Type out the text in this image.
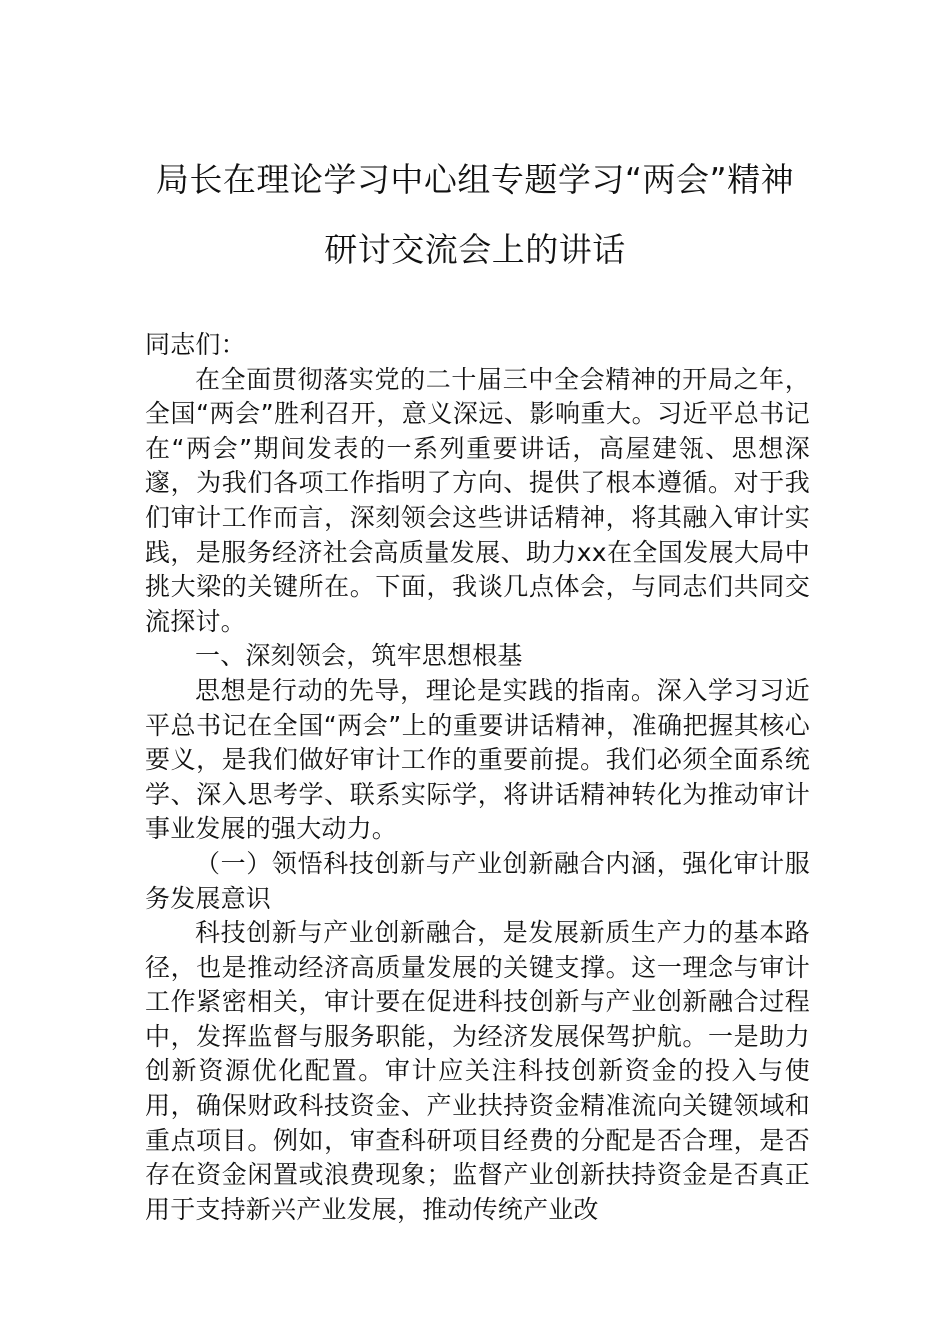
局长在理论学习中心组专题学习“两会”精神
研讨交流会上的讲话

同志们：

在全面贯彻落实党的二十届三中全会精神的开局之年，全国“两会”胜利召开，意义深远、影响重大。习近平总书记在“两会”期间发表的一系列重要讲话，高屋建瓴、思想深邃，为我们各项工作指明了方向、提供了根本遵循。对于我们审计工作而言，深刻领会这些讲话精神，将其融入审计实践，是服务经济社会高质量发展、助力xx在全国发展大局中挑大梁的关键所在。下面，我谈几点体会，与同志们共同交流探讨。

一、深刻领会，筑牢思想根基

思想是行动的先导，理论是实践的指南。深入学习习近平总书记在全国“两会”上的重要讲话精神，准确把握其核心要义，是我们做好审计工作的重要前提。我们必须全面系统学、深入思考学、联系实际学，将讲话精神转化为推动审计事业发展的强大动力。

（一）领悟科技创新与产业创新融合内涵，强化审计服务发展意识

科技创新与产业创新融合，是发展新质生产力的基本路径，也是推动经济高质量发展的关键支撑。这一理念与审计工作紧密相关，审计要在促进科技创新与产业创新融合过程中，发挥监督与服务职能，为经济发展保驾护航。一是助力创新资源优化配置。审计应关注科技创新资金的投入与使用，确保财政科技资金、产业扶持资金精准流向关键领域和重点项目。例如，审查科研项目经费的分配是否合理，是否存在资金闲置或浪费现象；监督产业创新扶持资金是否真正用于支持新兴产业发展，推动传统产业改
